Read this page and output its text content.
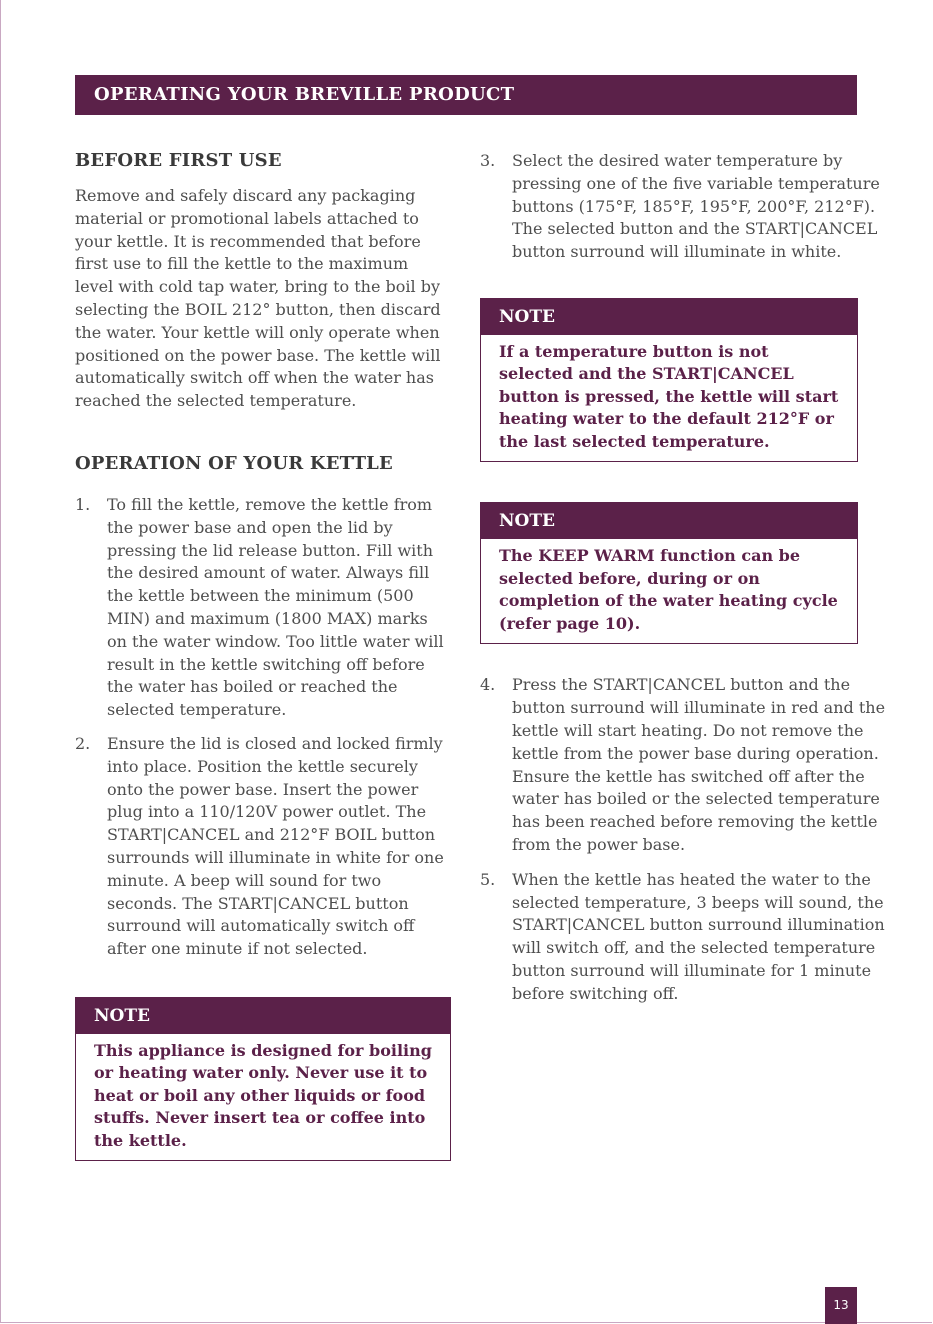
OPERATING YOUR BREVILLE PRODUCT
BEFORE FIRST USE

Remove and safely discard any packaging material or promotional labels attached to your kettle. It is recommended that before first use to fill the kettle to the maximum level with cold tap water, bring to the boil by selecting the BOIL 212° button, then discard the water. Your kettle will only operate when positioned on the power base. The kettle will automatically switch off when the water has reached the selected temperature.

OPERATION OF YOUR KETTLE
1. To fill the kettle, remove the kettle from the power base and open the lid by pressing the lid release button. Fill with the desired amount of water. Always fill the kettle between the minimum (500 MIN) and maximum (1800 MAX) marks on the water window. Too little water will result in the kettle switching off before the water has boiled or reached the selected temperature.

2. Ensure the lid is closed and locked firmly into place. Position the kettle securely onto the power base. Insert the power plug into a 110/120V power outlet. The START|CANCEL and 212°F BOIL button surrounds will illuminate in white for one minute. A beep will sound for two seconds. The START|CANCEL button surround will automatically switch off after one minute if not selected.

NOTE
This appliance is designed for boiling or heating water only. Never use it to heat or boil any other liquids or food stuffs. Never insert tea or coffee into the kettle.
3. Select the desired water temperature by pressing one of the five variable temperature buttons (175°F, 185°F, 195°F, 200°F, 212°F). The selected button and the START|CANCEL button surround will illuminate in white.

NOTE
If a temperature button is not selected and the START|CANCEL button is pressed, the kettle will start heating water to the default 212°F or the last selected temperature.
NOTE
The KEEP WARM function can be selected before, during or on completion of the water heating cycle (refer page 10).
4. Press the START|CANCEL button and the button surround will illuminate in red and the kettle will start heating. Do not remove the kettle from the power base during operation. Ensure the kettle has switched off after the water has boiled or the selected temperature has been reached before removing the kettle from the power base.

5. When the kettle has heated the water to the selected temperature, 3 beeps will sound, the START|CANCEL button surround illumination will switch off, and the selected temperature button surround will illuminate for 1 minute before switching off.

13
